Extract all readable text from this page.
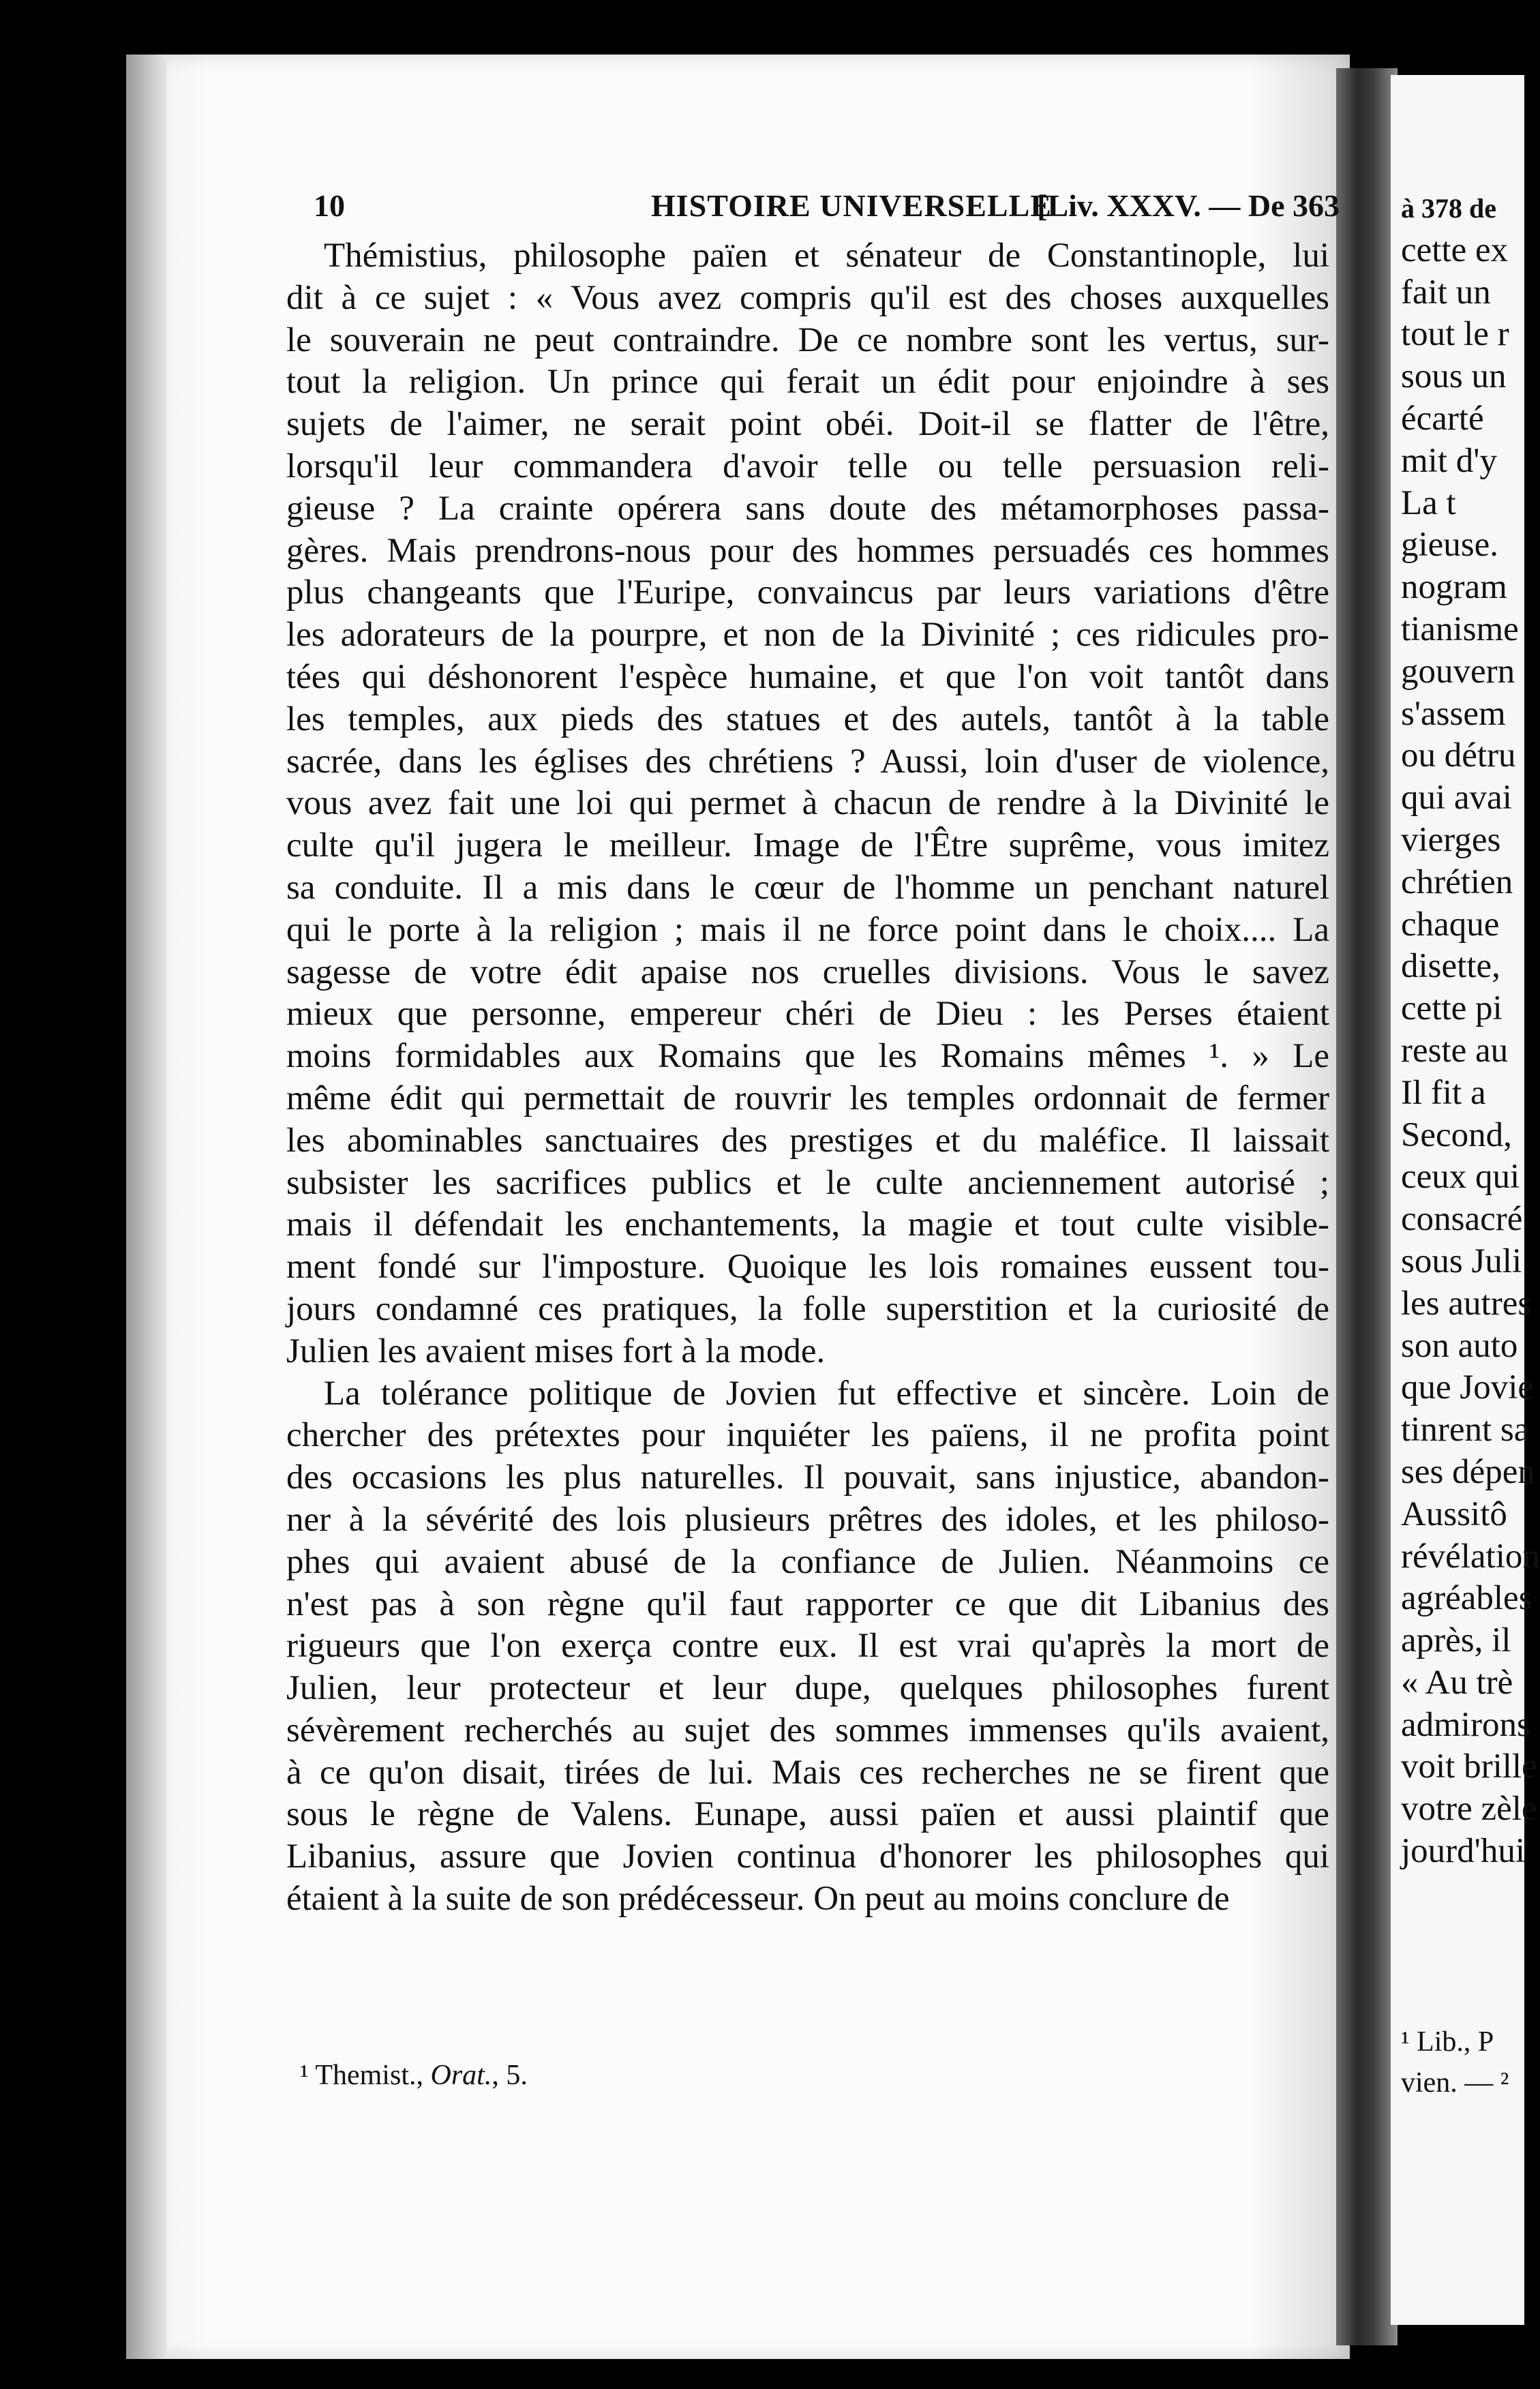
10	HISTOIRE UNIVERSELLE
[Liv. XXXV. — De 363
Thémistius, philosophe païen et sénateur de Constantinople, lui
dit à ce sujet : « Vous avez compris qu'il est des choses auxquelles
le souverain ne peut contraindre. De ce nombre sont les vertus, sur-
tout la religion. Un prince qui ferait un édit pour enjoindre à ses
sujets de l'aimer, ne serait point obéi. Doit-il se flatter de l'être,
lorsqu'il leur commandera d'avoir telle ou telle persuasion reli-
gieuse ? La crainte opérera sans doute des métamorphoses passa-
gères. Mais prendrons-nous pour des hommes persuadés ces hommes
plus changeants que l'Euripe, convaincus par leurs variations d'être
les adorateurs de la pourpre, et non de la Divinité ; ces ridicules pro-
tées qui déshonorent l'espèce humaine, et que l'on voit tantôt dans
les temples, aux pieds des statues et des autels, tantôt à la table
sacrée, dans les églises des chrétiens ? Aussi, loin d'user de violence,
vous avez fait une loi qui permet à chacun de rendre à la Divinité le
culte qu'il jugera le meilleur. Image de l'Être suprême, vous imitez
sa conduite. Il a mis dans le cœur de l'homme un penchant naturel
qui le porte à la religion ; mais il ne force point dans le choix.... La
sagesse de votre édit apaise nos cruelles divisions. Vous le savez
mieux que personne, empereur chéri de Dieu : les Perses étaient
moins formidables aux Romains que les Romains mêmes ¹. » Le
même édit qui permettait de rouvrir les temples ordonnait de fermer
les abominables sanctuaires des prestiges et du maléfice. Il laissait
subsister les sacrifices publics et le culte anciennement autorisé ;
mais il défendait les enchantements, la magie et tout culte visible-
ment fondé sur l'imposture. Quoique les lois romaines eussent tou-
jours condamné ces pratiques, la folle superstition et la curiosité de
Julien les avaient mises fort à la mode.
La tolérance politique de Jovien fut effective et sincère. Loin de
chercher des prétextes pour inquiéter les païens, il ne profita point
des occasions les plus naturelles. Il pouvait, sans injustice, abandon-
ner à la sévérité des lois plusieurs prêtres des idoles, et les philoso-
phes qui avaient abusé de la confiance de Julien. Néanmoins ce
n'est pas à son règne qu'il faut rapporter ce que dit Libanius des
rigueurs que l'on exerça contre eux. Il est vrai qu'après la mort de
Julien, leur protecteur et leur dupe, quelques philosophes furent
sévèrement recherchés au sujet des sommes immenses qu'ils avaient,
à ce qu'on disait, tirées de lui. Mais ces recherches ne se firent que
sous le règne de Valens. Eunape, aussi païen et aussi plaintif que
Libanius, assure que Jovien continua d'honorer les philosophes qui
étaient à la suite de son prédécesseur. On peut au moins conclure de
¹ Themist., Orat., 5.
à 378 de
cette ex
fait un
tout le r
sous un
écarté
mit d'y
La t
gieuse.
nogram
tianisme
gouvern
s'assem
ou détru
qui avai
vierges
chrétien
chaque
disette,
cette pi
reste au
Il fit a
Second,
ceux qui
consacré
sous Juli
les autres
son auto
que Jovie
tinrent sa
ses dépen
Aussitô
révélation
agréables
après, il
« Au trè
admirons
voit brille
votre zèle
jourd'hui
¹ Lib., P
vien. — ²
